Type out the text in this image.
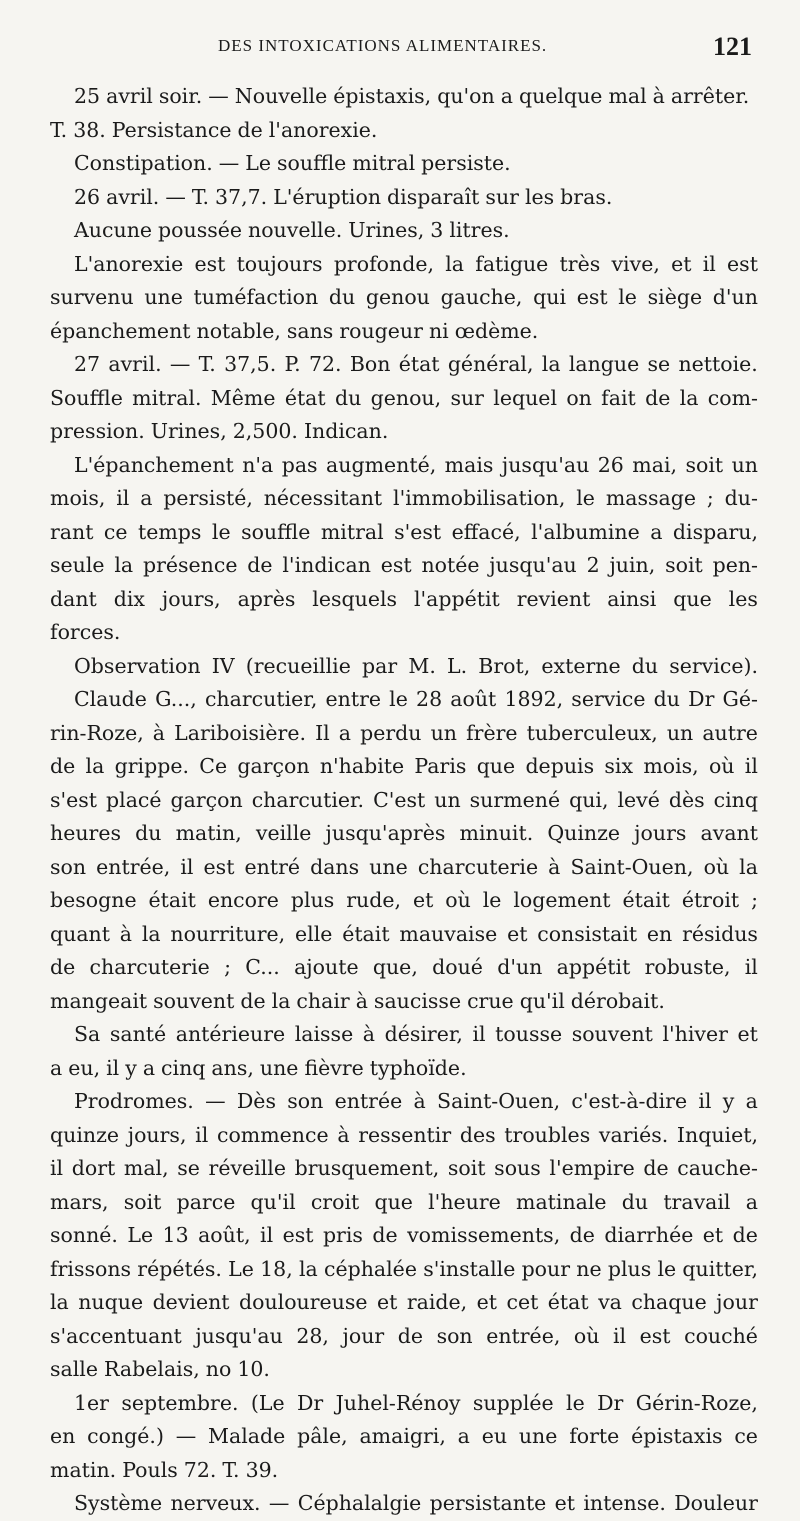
DES INTOXICATIONS ALIMENTAIRES.	121
25 avril soir. — Nouvelle épistaxis, qu'on a quelque mal à arrêter.
T. 38. Persistance de l'anorexie.
Constipation. — Le souffle mitral persiste.
26 avril. — T. 37,7. L'éruption disparaît sur les bras.
Aucune poussée nouvelle. Urines, 3 litres.
L'anorexie est toujours profonde, la fatigue très vive, et il est
survenu une tuméfaction du genou gauche, qui est le siège d'un
épanchement notable, sans rougeur ni œdème.
27 avril. — T. 37,5. P. 72. Bon état général, la langue se nettoie.
Souffle mitral. Même état du genou, sur lequel on fait de la com-
pression. Urines, 2,500. Indican.
L'épanchement n'a pas augmenté, mais jusqu'au 26 mai, soit un
mois, il a persisté, nécessitant l'immobilisation, le massage ; du-
rant ce temps le souffle mitral s'est effacé, l'albumine a disparu,
seule la présence de l'indican est notée jusqu'au 2 juin, soit pen-
dant dix jours, après lesquels l'appétit revient ainsi que les
forces.
Observation IV (recueillie par M. L. Brot, externe du service).
Claude G..., charcutier, entre le 28 août 1892, service du Dr Gé-
rin-Roze, à Lariboisière. Il a perdu un frère tuberculeux, un autre
de la grippe. Ce garçon n'habite Paris que depuis six mois, où il
s'est placé garçon charcutier. C'est un surmené qui, levé dès cinq
heures du matin, veille jusqu'après minuit. Quinze jours avant
son entrée, il est entré dans une charcuterie à Saint-Ouen, où la
besogne était encore plus rude, et où le logement était étroit ;
quant à la nourriture, elle était mauvaise et consistait en résidus
de charcuterie ; C... ajoute que, doué d'un appétit robuste, il
mangeait souvent de la chair à saucisse crue qu'il dérobait.
Sa santé antérieure laisse à désirer, il tousse souvent l'hiver et
a eu, il y a cinq ans, une fièvre typhoïde.
Prodromes. — Dès son entrée à Saint-Ouen, c'est-à-dire il y a
quinze jours, il commence à ressentir des troubles variés. Inquiet,
il dort mal, se réveille brusquement, soit sous l'empire de cauche-
mars, soit parce qu'il croit que l'heure matinale du travail a
sonné. Le 13 août, il est pris de vomissements, de diarrhée et de
frissons répétés. Le 18, la céphalée s'installe pour ne plus le quitter,
la nuque devient douloureuse et raide, et cet état va chaque jour
s'accentuant jusqu'au 28, jour de son entrée, où il est couché
salle Rabelais, no 10.
1er septembre. (Le Dr Juhel-Rénoy supplée le Dr Gérin-Roze,
en congé.) — Malade pâle, amaigri, a eu une forte épistaxis ce
matin. Pouls 72. T. 39.
Système nerveux. — Céphalalgie persistante et intense. Douleur
